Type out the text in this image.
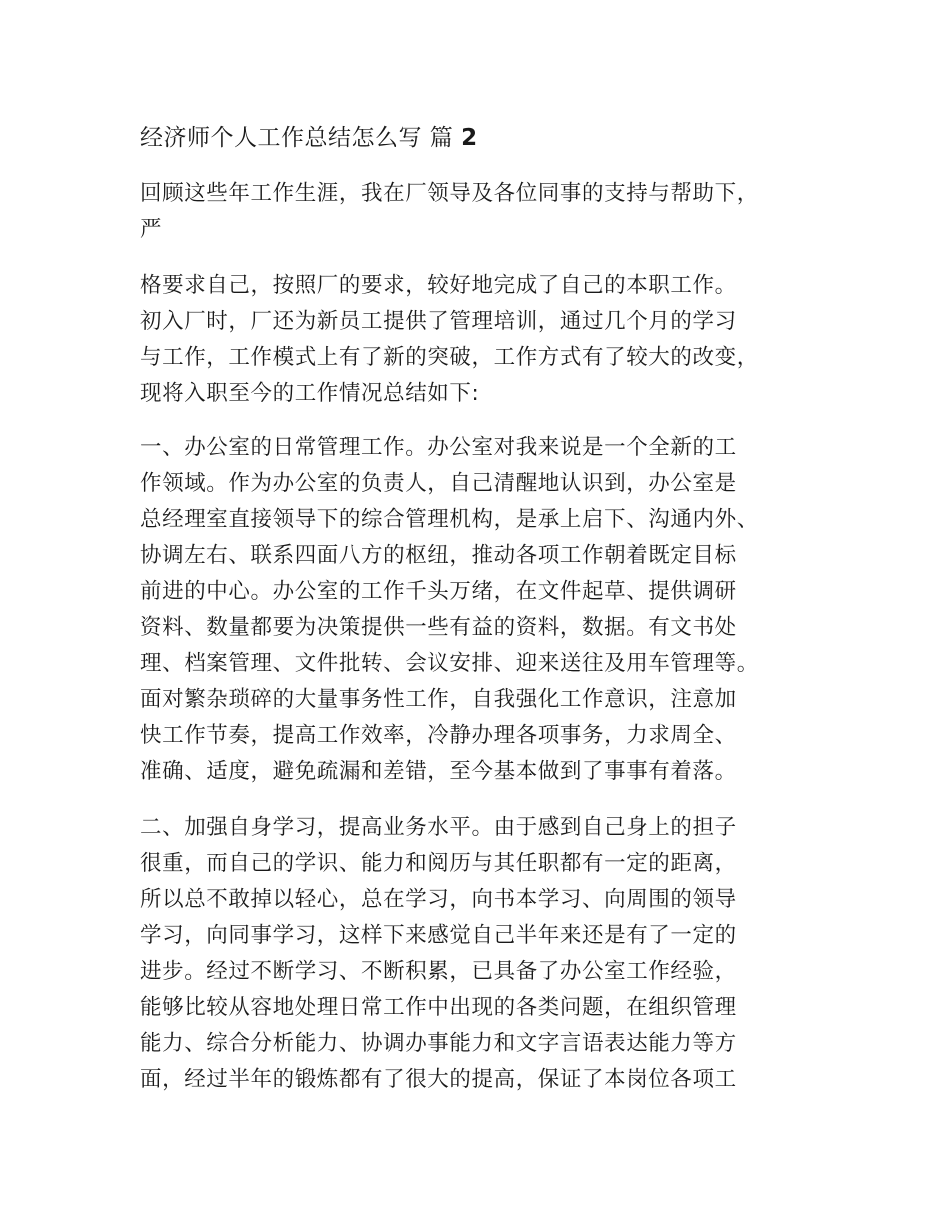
经济师个人工作总结怎么写 篇 2
回顾这些年工作生涯，我在厂领导及各位同事的支持与帮助下，
严
格要求自己，按照厂的要求，较好地完成了自己的本职工作。
初入厂时，厂还为新员工提供了管理培训，通过几个月的学习
与工作，工作模式上有了新的突破，工作方式有了较大的改变，
现将入职至今的工作情况总结如下:
一、办公室的日常管理工作。办公室对我来说是一个全新的工
作领域。作为办公室的负责人，自己清醒地认识到，办公室是
总经理室直接领导下的综合管理机构，是承上启下、沟通内外、
协调左右、联系四面八方的枢纽，推动各项工作朝着既定目标
前进的中心。办公室的工作千头万绪，在文件起草、提供调研
资料、数量都要为决策提供一些有益的资料，数据。有文书处
理、档案管理、文件批转、会议安排、迎来送往及用车管理等。
面对繁杂琐碎的大量事务性工作，自我强化工作意识，注意加
快工作节奏，提高工作效率，冷静办理各项事务，力求周全、
准确、适度，避免疏漏和差错，至今基本做到了事事有着落。
二、加强自身学习，提高业务水平。由于感到自己身上的担子
很重，而自己的学识、能力和阅历与其任职都有一定的距离，
所以总不敢掉以轻心，总在学习，向书本学习、向周围的领导
学习，向同事学习，这样下来感觉自己半年来还是有了一定的
进步。经过不断学习、不断积累，已具备了办公室工作经验，
能够比较从容地处理日常工作中出现的各类问题，在组织管理
能力、综合分析能力、协调办事能力和文字言语表达能力等方
面，经过半年的锻炼都有了很大的提高，保证了本岗位各项工
